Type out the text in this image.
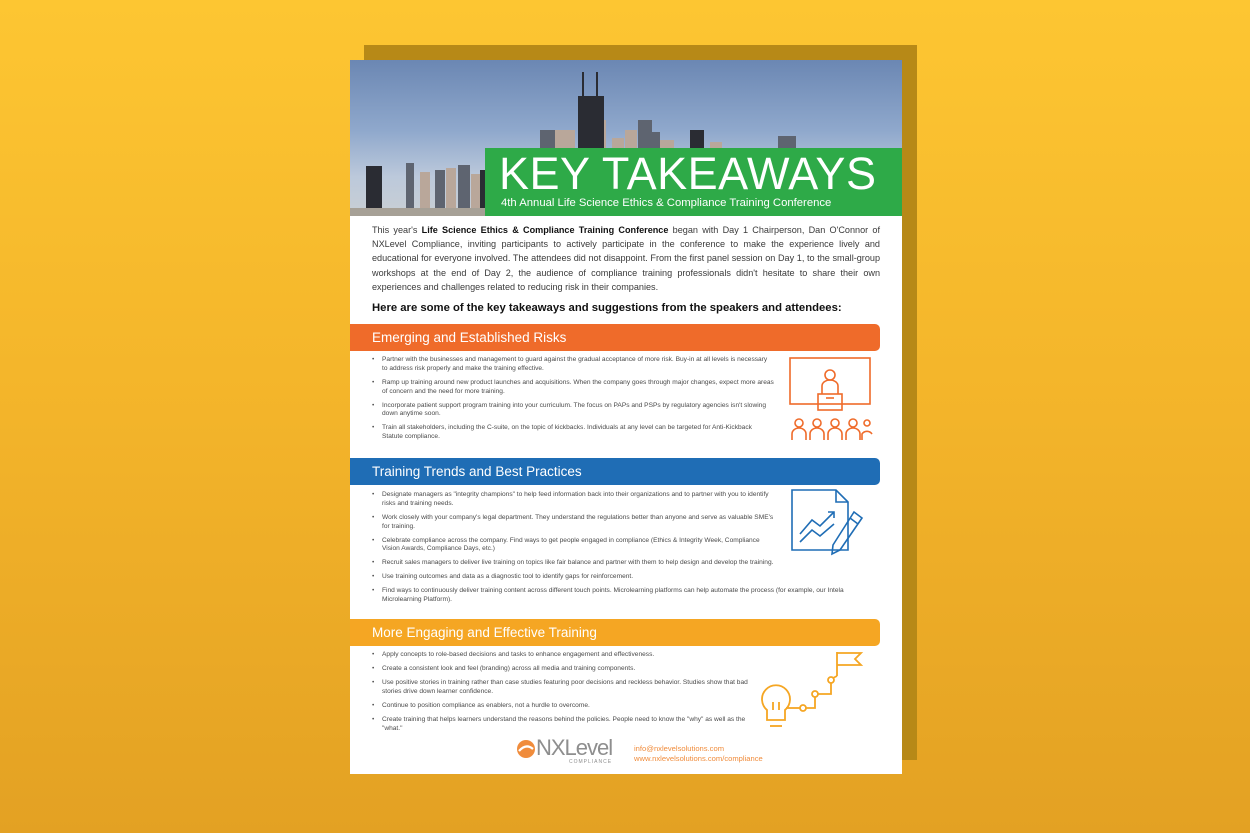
KEY TAKEAWAYS
4th Annual Life Science Ethics & Compliance Training Conference
This year's Life Science Ethics & Compliance Training Conference began with Day 1 Chairperson, Dan O'Connor of NXLevel Compliance, inviting participants to actively participate in the conference to make the experience lively and educational for everyone involved. The attendees did not disappoint. From the first panel session on Day 1, to the small-group workshops at the end of Day 2, the audience of compliance training professionals didn't hesitate to share their own experiences and challenges related to reducing risk in their companies.
Here are some of the key takeaways and suggestions from the speakers and attendees:
Emerging and Established Risks
• Partner with the businesses and management to guard against the gradual acceptance of more risk. Buy-in at all levels is necessary to address risk properly and make the training effective.
• Ramp up training around new product launches and acquisitions. When the company goes through major changes, expect more areas of concern and the need for more training.
• Incorporate patient support program training into your curriculum. The focus on PAPs and PSPs by regulatory agencies isn't slowing down anytime soon.
• Train all stakeholders, including the C-suite, on the topic of kickbacks. Individuals at any level can be targeted for Anti-Kickback Statute compliance.
Training Trends and Best Practices
• Designate managers as "integrity champions" to help feed information back into their organizations and to partner with you to identify risks and training needs.
• Work closely with your company's legal department. They understand the regulations better than anyone and serve as valuable SME's for training.
• Celebrate compliance across the company. Find ways to get people engaged in compliance (Ethics & Integrity Week, Compliance Vision Awards, Compliance Days, etc.)
• Recruit sales managers to deliver live training on topics like fair balance and partner with them to help design and develop the training.
• Use training outcomes and data as a diagnostic tool to identify gaps for reinforcement.
• Find ways to continuously deliver training content across different touch points. Microlearning platforms can help automate the process (for example, our Intela Microlearning Platform).
More Engaging and Effective Training
• Apply concepts to role-based decisions and tasks to enhance engagement and effectiveness.
• Create a consistent look and feel (branding) across all media and training components.
• Use positive stories in training rather than case studies featuring poor decisions and reckless behavior. Studies show that bad stories drive down learner confidence.
• Continue to position compliance as enablers, not a hurdle to overcome.
• Create training that helps learners understand the reasons behind the policies. People need to know the "why" as well as the "what."
NXLevel
COMPLIANCE
info@nxlevelsolutions.com
www.nxlevelsolutions.com/compliance
